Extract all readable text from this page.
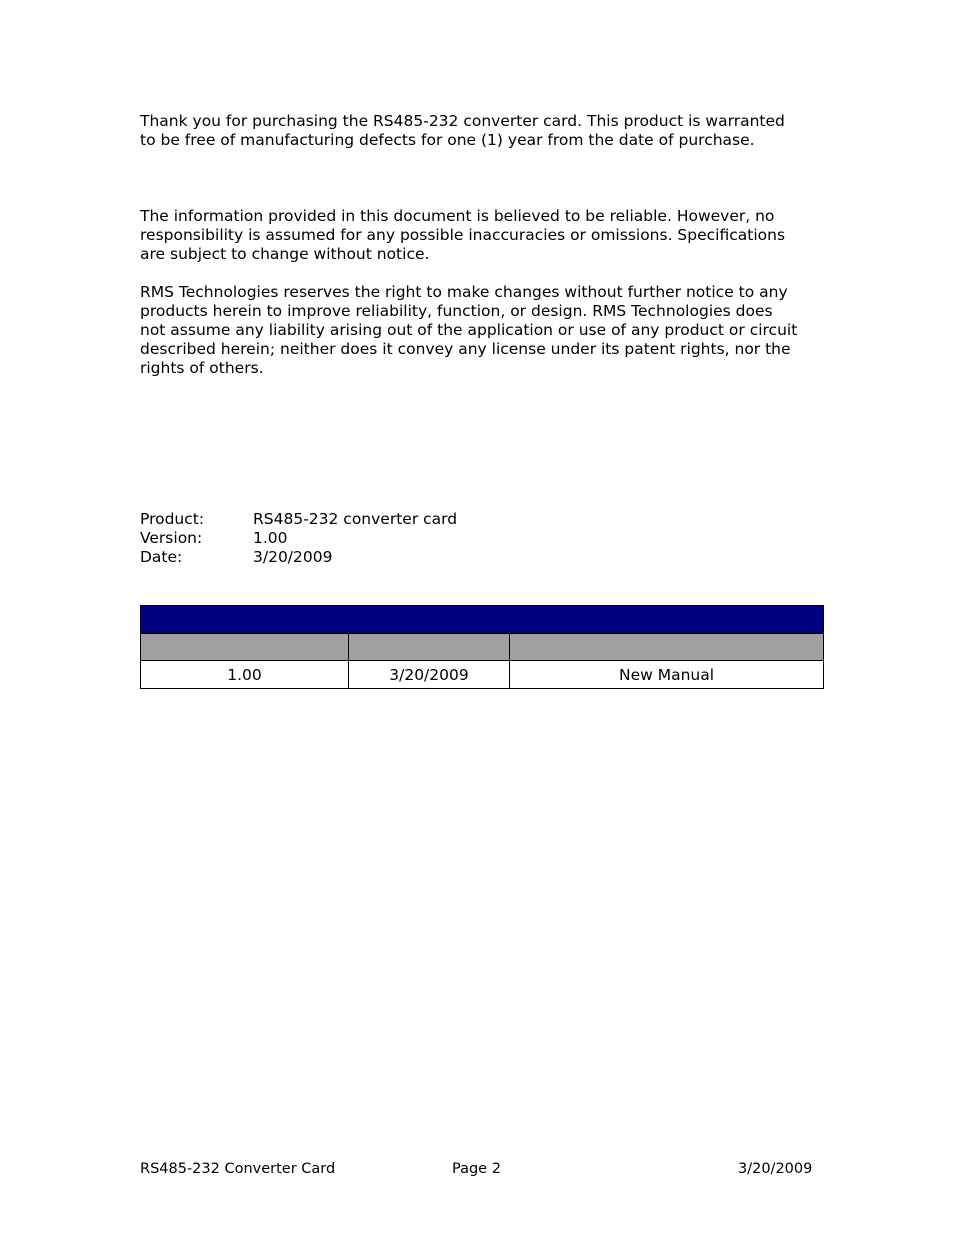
Thank you for purchasing the RS485-232 converter card. This product is warranted
to be free of manufacturing defects for one (1) year from the date of purchase.
The information provided in this document is believed to be reliable. However, no
responsibility is assumed for any possible inaccuracies or omissions. Specifications
are subject to change without notice.
RMS Technologies reserves the right to make changes without further notice to any
products herein to improve reliability, function, or design. RMS Technologies does
not assume any liability arising out of the application or use of any product or circuit
described herein; neither does it convey any license under its patent rights, nor the
rights of others.
Product:	RS485-232 converter card
Version:	1.00
Date:	3/20/2009

1.00	3/20/2009	New Manual
RS485-232 Converter Card	Page 2	3/20/2009
